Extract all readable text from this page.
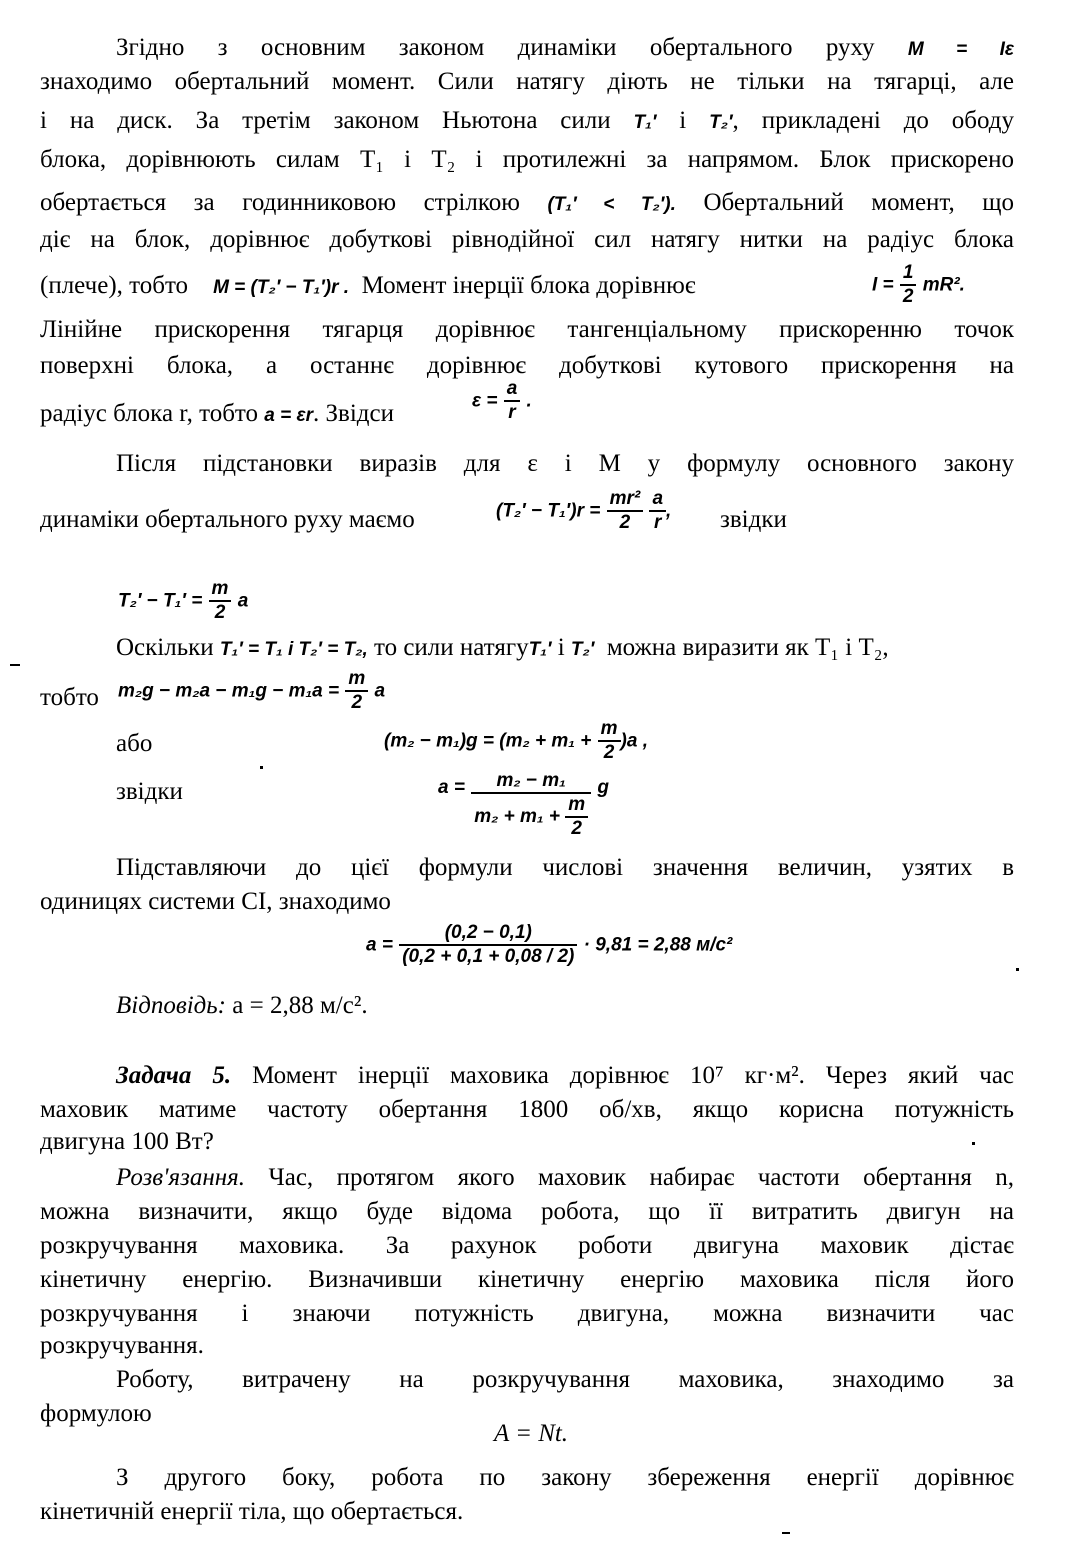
Згідно з основним законом динаміки обертального руху M = Iε
знаходимо обертальний момент. Сили натягу діють не тільки на тягарці, але
і на диск. За третім законом Ньютона сили T₁′ і T₂′, прикладені до ободу
блока, дорівнюють силам T₁ і T₂ і протилежні за напрямом. Блок прискорено
обертається за годинниковою стрілкою (T₁′ < T₂′). Обертальний момент, що
діє на блок, дорівнює добуткові рівнодійної сил натягу нитки на радіус блока
(плече), тобто M = (T₂′ − T₁′)r . Момент інерції блока дорівнює	$I = \frac{1}{2} mR^2$.
Лінійне прискорення тягарця дорівнює тангенціальному прискоренню точок
поверхні блока, а останнє дорівнює добуткові кутового прискорення на
радіус блока r, тобто a = εr. Звідси	$\varepsilon = \frac{a}{r}$ .
Після підстановки виразів для ε і M у формулу основного закону
динаміки обертального руху маємо	$(T_2' - T_1')r = \frac{\text{mr²}}{2}$
$\frac{a}{r}$ , звідки
$T_2' - T_1' = \frac{m}{2}$ a
Оскільки T₁′ = T₁ і T₂′ = T₂, то сили натягуT₁′ і T₂′ можна виразити як T₁ і T₂,
тобто $m_2g - m_2a - m_1g - m_1a = \frac{m}{2}$ a
або	$(m_2 - m_1)g = (m_2 + m_1 + \frac{m}{2} )a$ ,
звідки	$a = \frac{\text{m₂ − m₁}}{m_2 + m_1 + \frac{m}{2}}$ g
Підставляючи до цієї формули числові значення величин, узятих в
одиницях системи СІ, знаходимо
$a = \frac{(0,2 - 0,1)}{(0,2 + 0,1 + 0,08 / 2)} \cdot 9,81 = 2,88$ м/с²
Відповідь: a = 2,88 м/с².
Задача 5. Момент інерції маховика дорівнює 10⁷ кг·м². Через який час
маховик матиме частоту обертання 1800 об/хв, якщо корисна потужність
двигуна 100 Вт?
Розв'язання. Час, протягом якого маховик набирає частоти обертання n,
можна визначити, якщо буде відома робота, що її витратить двигун на
розкручування маховика. За рахунок роботи двигуна маховик дістає
кінетичну енергію. Визначивши кінетичну енергію маховика після його
розкручування і знаючи потужність двигуна, можна визначити час
розкручування.
Роботу, витрачену на розкручування маховика, знаходимо за
формулою
A = Nt.
З другого боку, робота по закону збереження енергії дорівнює
кінетичній енергії тіла, що обертається.
